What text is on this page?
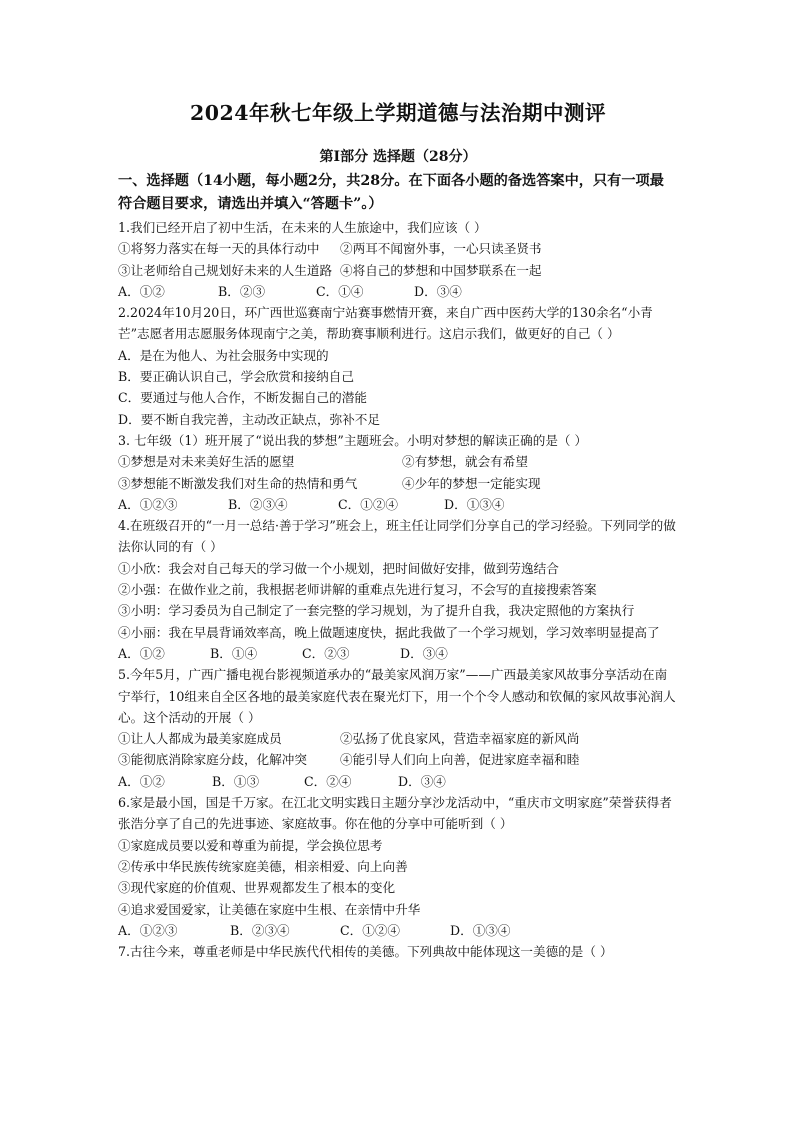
2024年秋七年级上学期道德与法治期中测评
第Ⅰ部分 选择题（28分）
一、选择题（14小题，每小题2分，共28分。在下面各小题的备选答案中，只有一项最符合题目要求，请选出并填入“答题卡”。）

1.我们已经开启了初中生活，在未来的人生旅途中，我们应该（ ）

①将努力落实在每一天的具体行动中	②两耳不闻窗外事，一心只读圣贤书
③让老师给自己规划好未来的人生道路 ④将自己的梦想和中国梦联系在一起
A．①②	B．②③	C．①④	D．③④

2.2024年10月20日，环广西世巡赛南宁站赛事燃情开赛，来自广西中医药大学的130余名“小青芒”志愿者用志愿服务体现南宁之美，帮助赛事顺利进行。这启示我们，做更好的自己（ ）

A．是在为他人、为社会服务中实现的

B．要正确认识自己，学会欣赏和接纳自己

C．要通过与他人合作，不断发掘自己的潜能

D．要不断自我完善，主动改正缺点，弥补不足

3. 七年级（1）班开展了“说出我的梦想”主题班会。小明对梦想的解读正确的是（ ）

①梦想是对未来美好生活的愿望	②有梦想，就会有希望
③梦想能不断激发我们对生命的热情和勇气	④少年的梦想一定能实现
A．①②③	B．②③④	C．①②④	D．①③④

4.在班级召开的“一月一总结·善于学习”班会上，班主任让同学们分享自己的学习经验。下列同学的做法你认同的有（ ）

①小欣：我会对自己每天的学习做一个小规划，把时间做好安排，做到劳逸结合

②小强：在做作业之前，我根据老师讲解的重难点先进行复习，不会写的直接搜索答案

③小明：学习委员为自己制定了一套完整的学习规划，为了提升自我，我决定照他的方案执行

④小丽：我在早晨背诵效率高，晚上做题速度快，据此我做了一个学习规划，学习效率明显提高了

A．①②	B．①④	C．②③	D．③④

5.今年5月，广西广播电视台影视频道承办的“最美家风润万家”——广西最美家风故事分享活动在南宁举行，10组来自全区各地的最美家庭代表在聚光灯下，用一个个令人感动和钦佩的家风故事沁润人心。这个活动的开展（ ）

①让人人都成为最美家庭成员	②弘扬了优良家风，营造幸福家庭的新风尚
③能彻底消除家庭分歧，化解冲突	④能引导人们向上向善，促进家庭幸福和睦
A．①②	B．①③	C．②④	D．③④

6.家是最小国，国是千万家。在江北文明实践日主题分享沙龙活动中，“重庆市文明家庭”荣誉获得者张浩分享了自己的先进事迹、家庭故事。你在他的分享中可能听到（ ）

①家庭成员要以爱和尊重为前提，学会换位思考

②传承中华民族传统家庭美德，相亲相爱、向上向善

③现代家庭的价值观、世界观都发生了根本的变化

④追求爱国爱家，让美德在家庭中生根、在亲情中升华

A．①②③	B．②③④	C．①②④	D．①③④

7.古往今来，尊重老师是中华民族代代相传的美德。下列典故中能体现这一美德的是（ ）
